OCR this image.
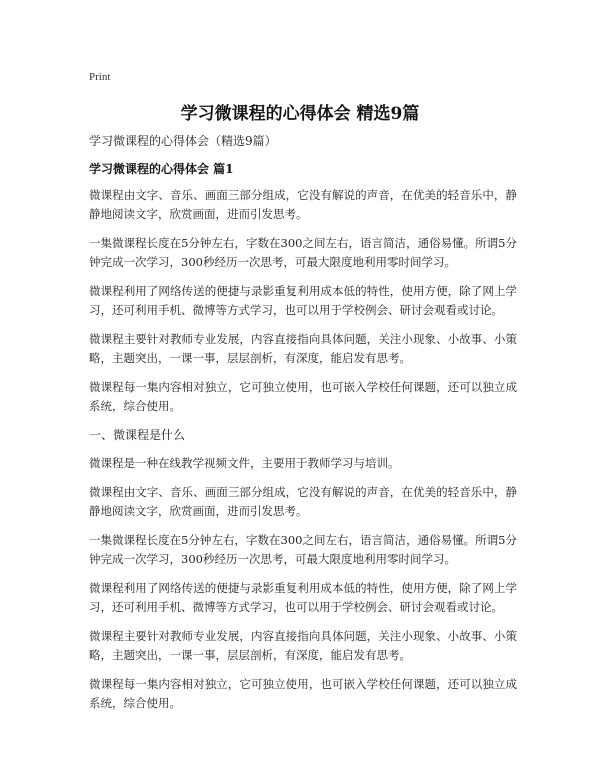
Print
学习微课程的心得体会 精选9篇

学习微课程的心得体会（精选9篇）

学习微课程的心得体会 篇1

微课程由文字、音乐、画面三部分组成，它没有解说的声音，在优美的轻音乐中，静静地阅读文字，欣赏画面，进而引发思考。

一集微课程长度在5分钟左右，字数在300之间左右，语言简洁，通俗易懂。所谓5分钟完成一次学习，300秒经历一次思考，可最大限度地利用零时间学习。

微课程利用了网络传送的便捷与录影重复利用成本低的特性，使用方便，除了网上学习，还可利用手机、微博等方式学习，也可以用于学校例会、研讨会观看或讨论。

微课程主要针对教师专业发展，内容直接指向具体问题，关注小现象、小故事、小策略，主题突出，一课一事，层层剖析，有深度，能启发有思考。

微课程每一集内容相对独立，它可独立使用，也可嵌入学校任何课题，还可以独立成系统，综合使用。

一、微课程是什么

微课程是一种在线教学视频文件，主要用于教师学习与培训。

微课程由文字、音乐、画面三部分组成，它没有解说的声音，在优美的轻音乐中，静静地阅读文字，欣赏画面，进而引发思考。

一集微课程长度在5分钟左右，字数在300之间左右，语言简洁，通俗易懂。所谓5分钟完成一次学习，300秒经历一次思考，可最大限度地利用零时间学习。

微课程利用了网络传送的便捷与录影重复利用成本低的特性，使用方便，除了网上学习，还可利用手机、微博等方式学习，也可以用于学校例会、研讨会观看或讨论。

微课程主要针对教师专业发展，内容直接指向具体问题，关注小现象、小故事、小策略，主题突出，一课一事，层层剖析，有深度，能启发有思考。

微课程每一集内容相对独立，它可独立使用，也可嵌入学校任何课题，还可以独立成系统，综合使用。
